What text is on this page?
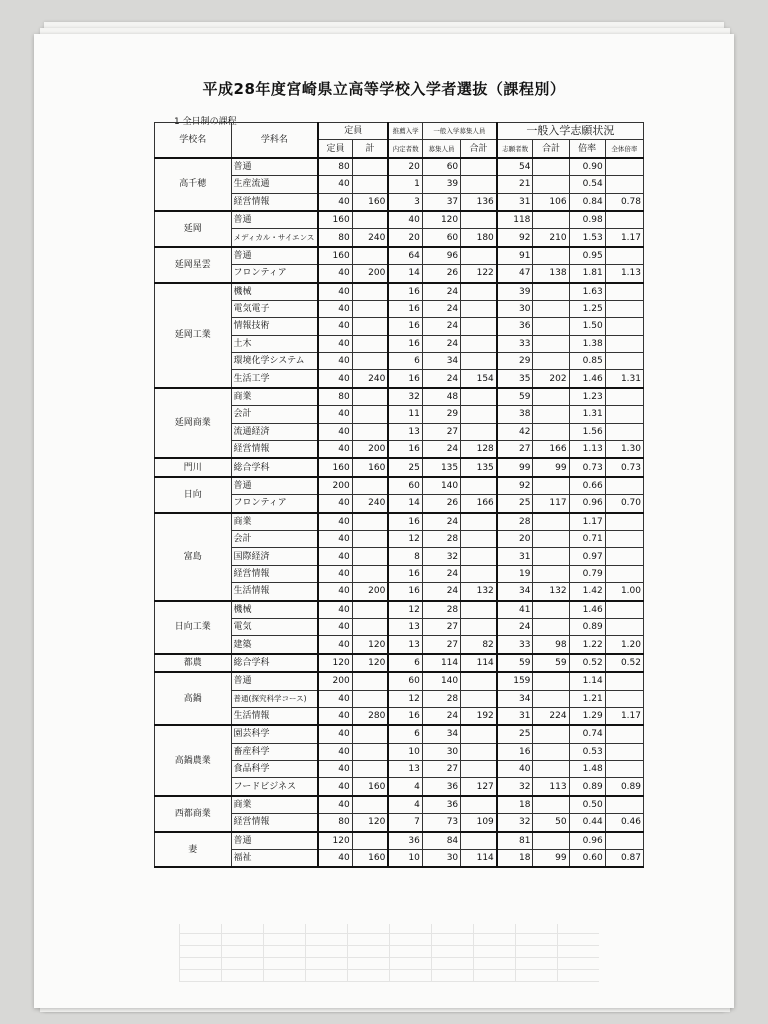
平成28年度宮崎県立高等学校入学者選抜（課程別）
1 全日制の課程
学校名	学科名	定員		推薦入学	一般入学募集人員		一般入学志願状況			
		定員	計	内定者数	募集人員	合計	志願者数	合計	倍率	全体倍率
高千穂	普通	80		20	60		54		0.90	
	生産流通	40		1	39		21		0.54	
	経営情報	40	160	3	37	136	31	106	0.84	0.78
延岡	普通	160		40	120		118		0.98	
	メディカル・サイエンス	80	240	20	60	180	92	210	1.53	1.17
延岡星雲	普通	160		64	96		91		0.95	
	フロンティア	40	200	14	26	122	47	138	1.81	1.13
延岡工業	機械	40		16	24		39		1.63	
	電気電子	40		16	24		30		1.25	
	情報技術	40		16	24		36		1.50	
	土木	40		16	24		33		1.38	
	環境化学システム	40		6	34		29		0.85	
	生活工学	40	240	16	24	154	35	202	1.46	1.31
延岡商業	商業	80		32	48		59		1.23	
	会計	40		11	29		38		1.31	
	流通経済	40		13	27		42		1.56	
	経営情報	40	200	16	24	128	27	166	1.13	1.30
門川	総合学科	160	160	25	135	135	99	99	0.73	0.73
日向	普通	200		60	140		92		0.66	
	フロンティア	40	240	14	26	166	25	117	0.96	0.70
富島	商業	40		16	24		28		1.17	
	会計	40		12	28		20		0.71	
	国際経済	40		8	32		31		0.97	
	経営情報	40		16	24		19		0.79	
	生活情報	40	200	16	24	132	34	132	1.42	1.00
日向工業	機械	40		12	28		41		1.46	
	電気	40		13	27		24		0.89	
	建築	40	120	13	27	82	33	98	1.22	1.20
都農	総合学科	120	120	6	114	114	59	59	0.52	0.52
高鍋	普通	200		60	140		159		1.14	
	普通(探究科学コース)	40		12	28		34		1.21	
	生活情報	40	280	16	24	192	31	224	1.29	1.17
高鍋農業	園芸科学	40		6	34		25		0.74	
	畜産科学	40		10	30		16		0.53	
	食品科学	40		13	27		40		1.48	
	フードビジネス	40	160	4	36	127	32	113	0.89	0.89
西都商業	商業	40		4	36		18		0.50	
	経営情報	80	120	7	73	109	32	50	0.44	0.46
妻	普通	120		36	84		81		0.96	
	福祉	40	160	10	30	114	18	99	0.60	0.87
